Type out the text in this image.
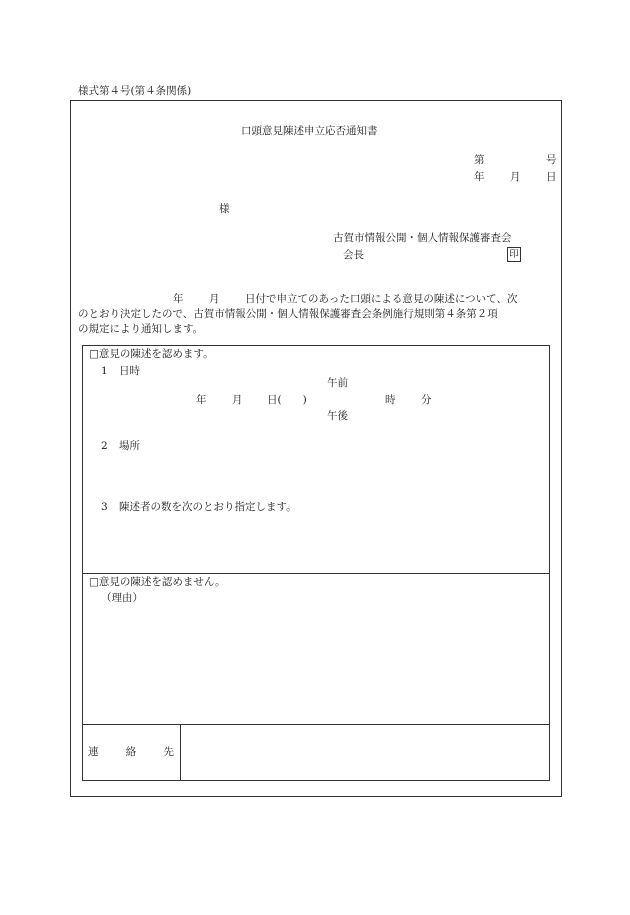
様式第４号(第４条関係)
口頭意見陳述申立応否通知書
第	号
年 月 日
様
古賀市情報公開・個人情報保護審査会
会長	印
年 月 日付で申立てのあった口頭による意見の陳述について、次
のとおり決定したので、古賀市情報公開・個人情報保護審査会条例施行規則第４条第２項
の規定により通知します。
□意見の陳述を認めます。
1 日時
午前
年 月 日(　　)	時 分
午後
2 場所
3 陳述者の数を次のとおり指定します。
□意見の陳述を認めません。
（理由）
連	絡	先
